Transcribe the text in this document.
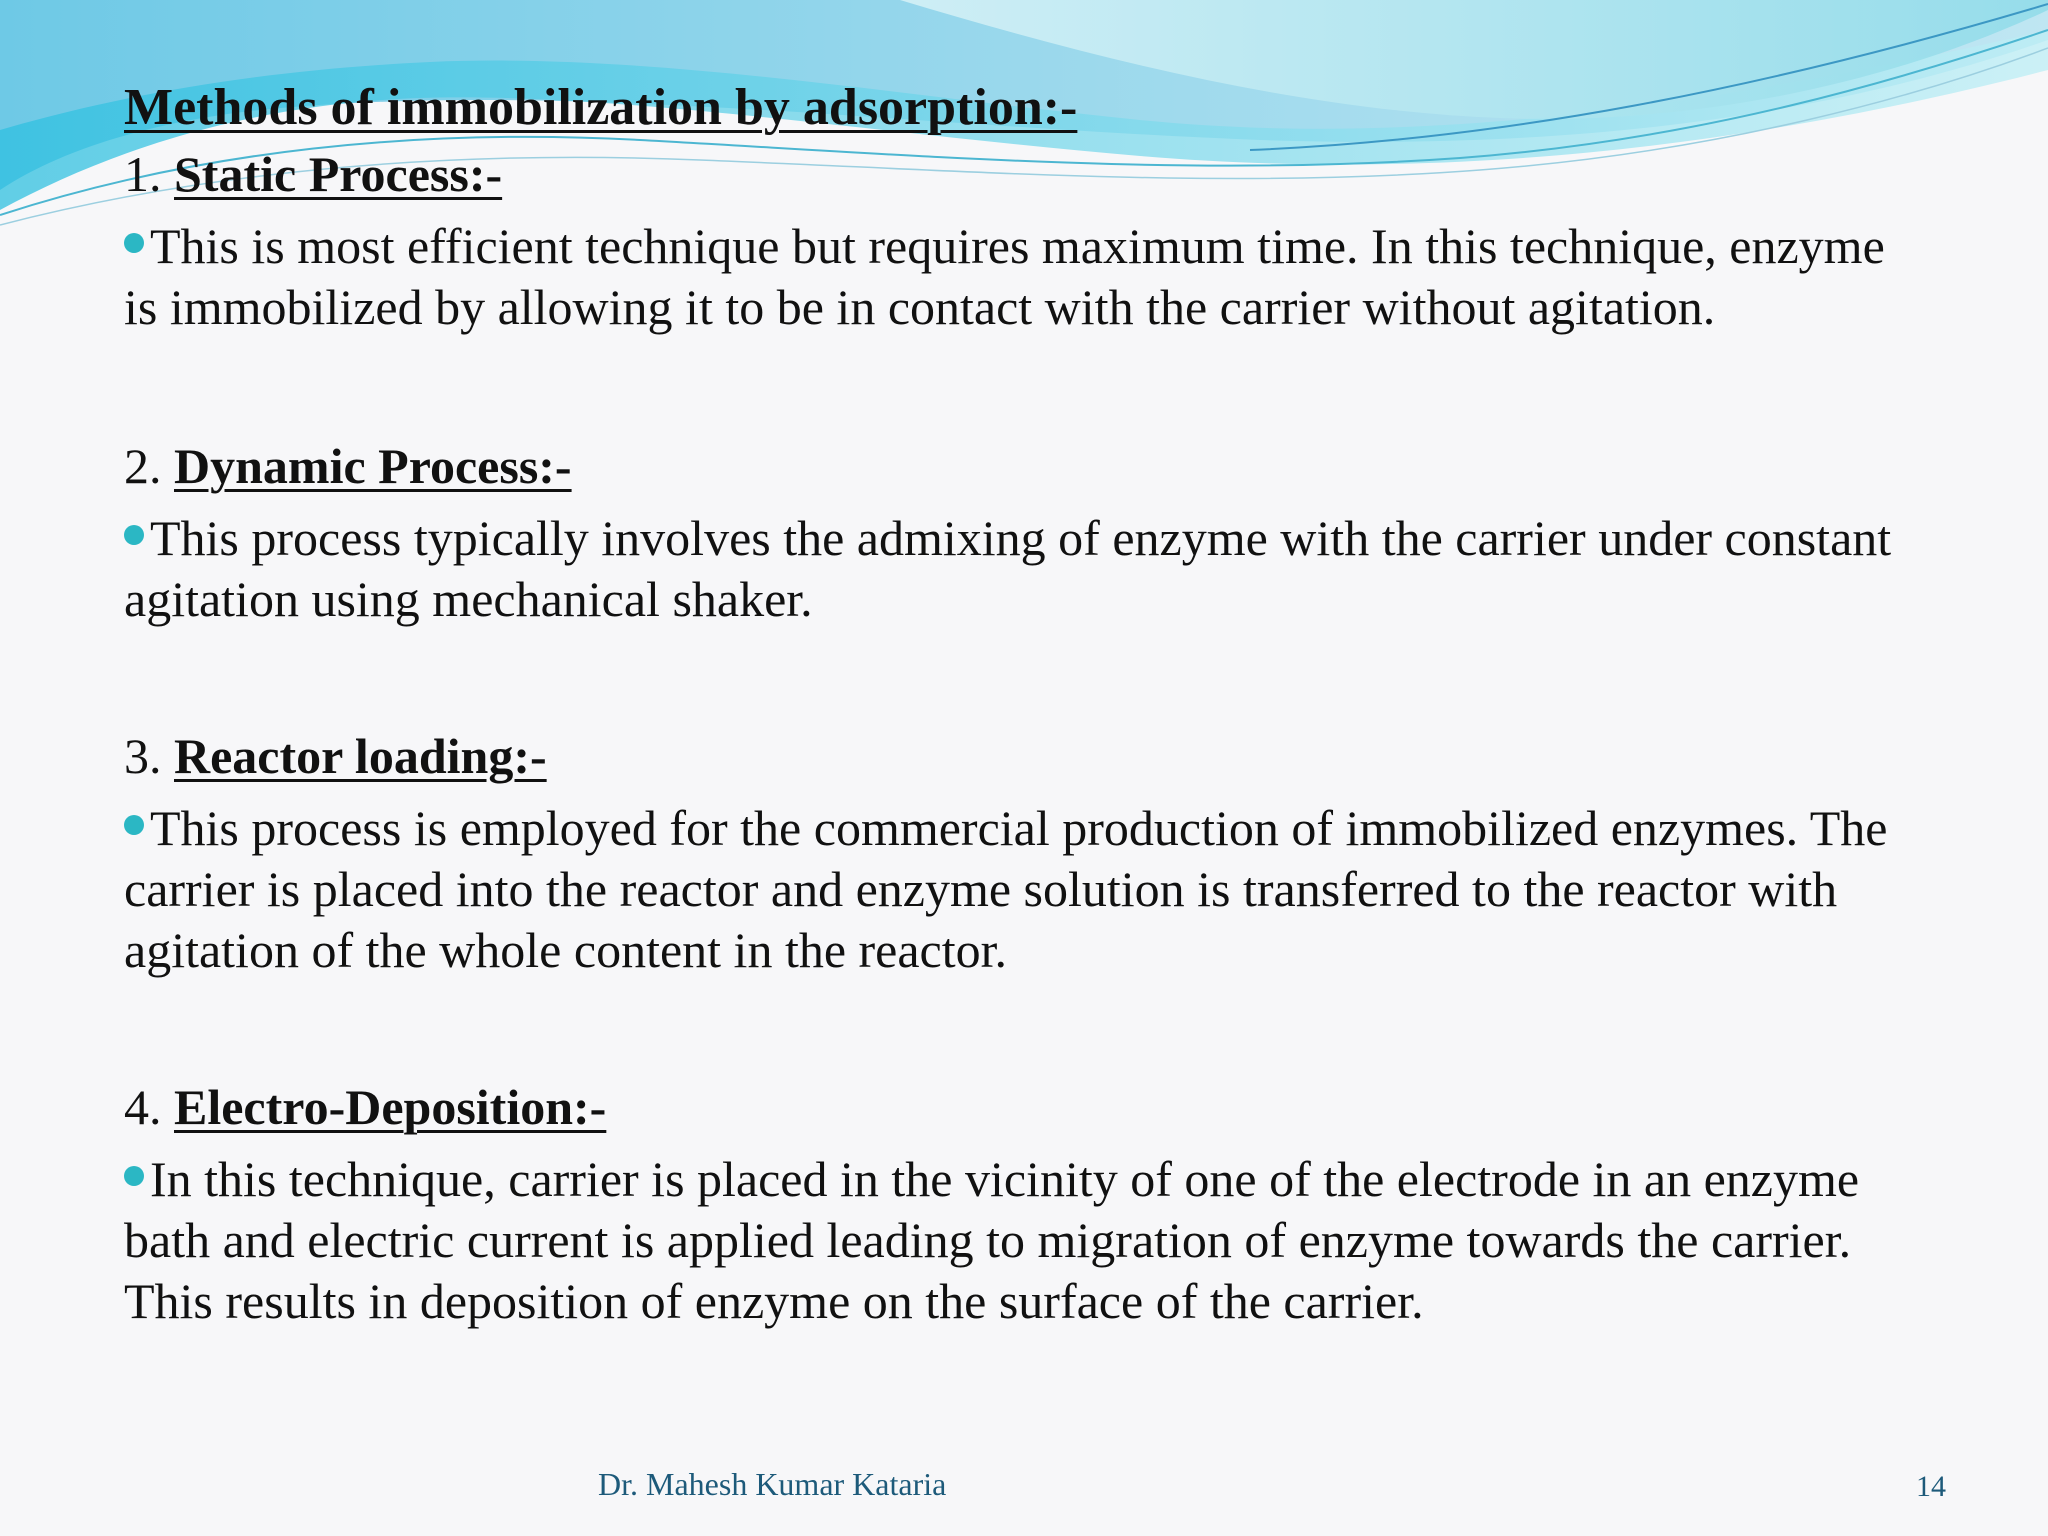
Methods of immobilization by adsorption:-

1. Static Process:-

This is most efficient technique but requires maximum time. In this technique, enzyme is immobilized by allowing it to be in contact with the carrier without agitation.

2. Dynamic Process:-

This process typically involves the admixing of enzyme with the carrier under constant agitation using mechanical shaker.

3. Reactor loading:-

This process is employed for the commercial production of immobilized enzymes. The carrier is placed into the reactor and enzyme solution is transferred to the reactor with agitation of the whole content in the reactor.

4. Electro-Deposition:-

In this technique, carrier is placed in the vicinity of one of the electrode in an enzyme bath and electric current is applied leading to migration of enzyme towards the carrier. This results in deposition of enzyme on the surface of the carrier.

Dr. Mahesh Kumar Kataria	14
